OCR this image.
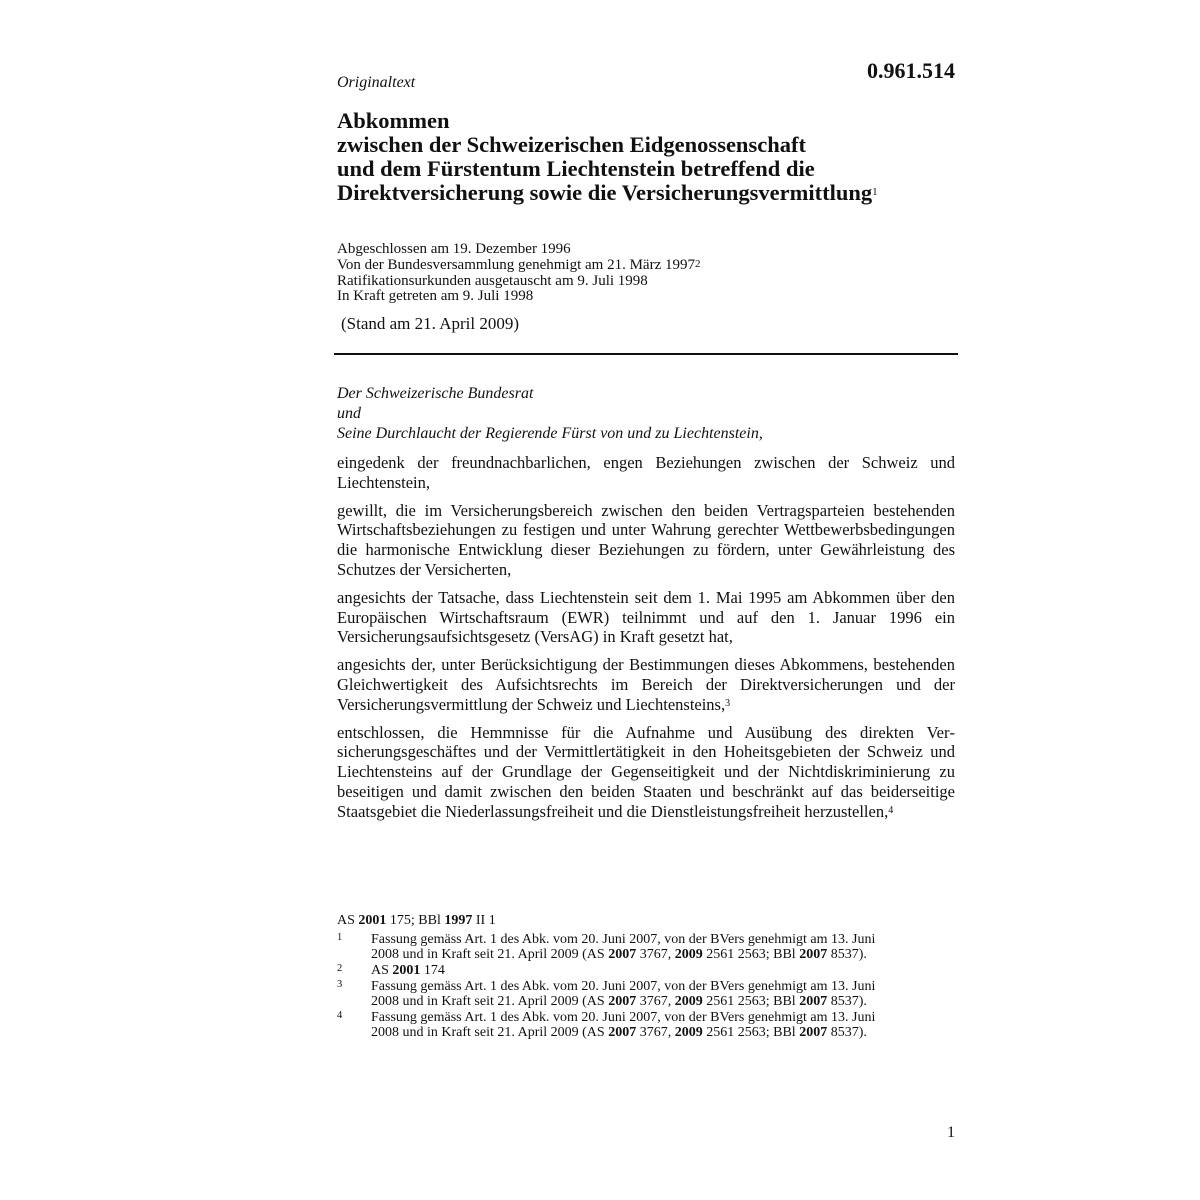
Originaltext	0.961.514
Abkommen
zwischen der Schweizerischen Eidgenossenschaft
und dem Fürstentum Liechtenstein betreffend die
Direktversicherung sowie die Versicherungsvermittlung$^1$
Abgeschlossen am 19. Dezember 1996
Von der Bundesversammlung genehmigt am 21. März 1997$^2$
Ratifikationsurkunden ausgetauscht am 9. Juli 1998
In Kraft getreten am 9. Juli 1998
(Stand am 21. April 2009)
Der Schweizerische Bundesrat
und
Seine Durchlaucht der Regierende Fürst von und zu Liechtenstein,

eingedenk der freundnachbarlichen, engen Beziehungen zwischen der Schweiz und Liechtenstein,

gewillt, die im Versicherungsbereich zwischen den beiden Vertragsparteien bestehenden Wirtschaftsbeziehungen zu festigen und unter Wahrung gerechter Wettbewerbsbedingungen die harmonische Entwicklung dieser Beziehungen zu fördern, unter Gewährleistung des Schutzes der Versicherten,

angesichts der Tatsache, dass Liechtenstein seit dem 1. Mai 1995 am Abkommen über den Europäischen Wirtschaftsraum (EWR) teilnimmt und auf den 1. Januar 1996 ein Versicherungsaufsichtsgesetz (VersAG) in Kraft gesetzt hat,

angesichts der, unter Berücksichtigung der Bestimmungen dieses Abkommens, bestehenden Gleichwertigkeit des Aufsichtsrechts im Bereich der Direktversicherungen und der Versicherungsvermittlung der Schweiz und Liechtensteins,$^3$

entschlossen, die Hemmnisse für die Aufnahme und Ausübung des direkten Versicherungsgeschäftes und der Vermittlertätigkeit in den Hoheitsgebieten der Schweiz und Liechtensteins auf der Grundlage der Gegenseitigkeit und der Nichtdiskriminierung zu beseitigen und damit zwischen den beiden Staaten und beschränkt auf das beiderseitige Staatsgebiet die Niederlassungsfreiheit und die Dienstleistungsfreiheit herzustellen,$^4$

AS 2001 175; BBl 1997 II 1
1	Fassung gemäss Art. 1 des Abk. vom 20. Juni 2007, von der BVers genehmigt am 13. Juni 2008 und in Kraft seit 21. April 2009 (AS 2007 3767, 2009 2561 2563; BBl 2007 8537).
2	AS 2001 174
3	Fassung gemäss Art. 1 des Abk. vom 20. Juni 2007, von der BVers genehmigt am 13. Juni 2008 und in Kraft seit 21. April 2009 (AS 2007 3767, 2009 2561 2563; BBl 2007 8537).
4	Fassung gemäss Art. 1 des Abk. vom 20. Juni 2007, von der BVers genehmigt am 13. Juni 2008 und in Kraft seit 21. April 2009 (AS 2007 3767, 2009 2561 2563; BBl 2007 8537).
1
